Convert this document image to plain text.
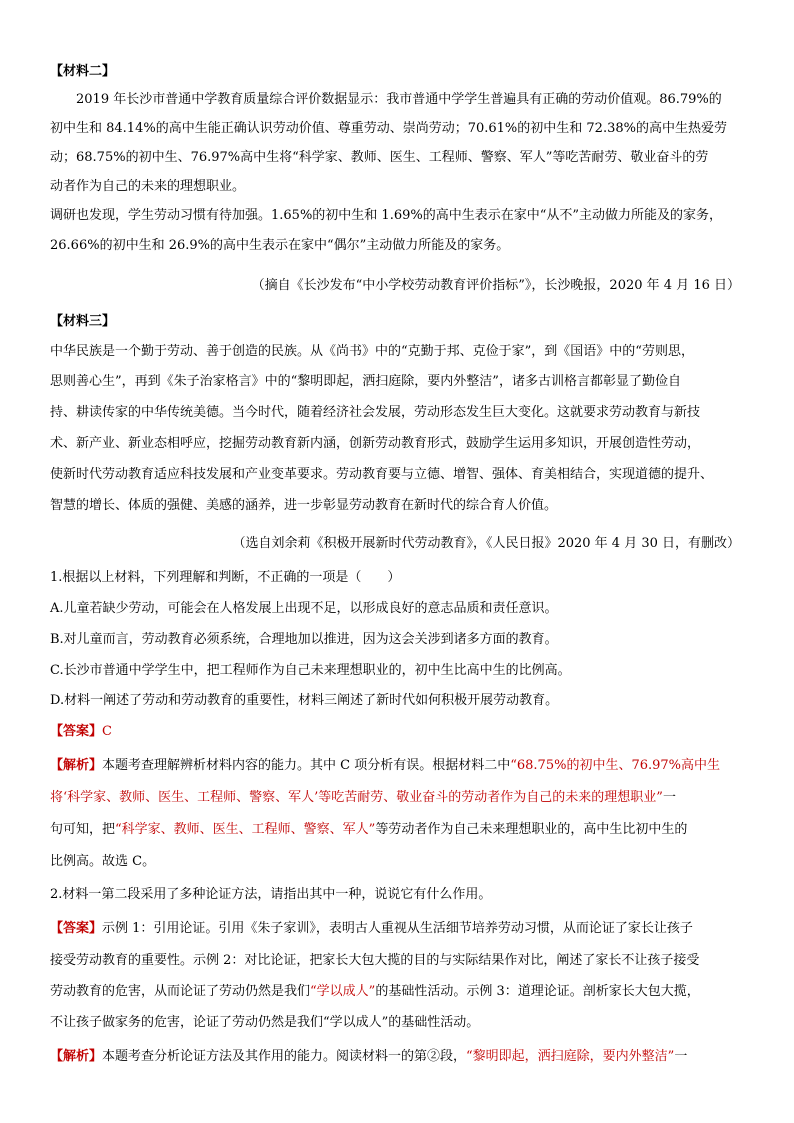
【材料二】
2019 年长沙市普通中学教育质量综合评价数据显示：我市普通中学学生普遍具有正确的劳动价值观。86.79%的
初中生和 84.14%的高中生能正确认识劳动价值、尊重劳动、崇尚劳动；70.61%的初中生和 72.38%的高中生热爱劳
动；68.75%的初中生、76.97%高中生将“科学家、教师、医生、工程师、警察、军人”等吃苦耐劳、敬业奋斗的劳
动者作为自己的未来的理想职业。
调研也发现，学生劳动习惯有待加强。1.65%的初中生和 1.69%的高中生表示在家中“从不”主动做力所能及的家务，
26.66%的初中生和 26.9%的高中生表示在家中“偶尔”主动做力所能及的家务。
（摘自《长沙发布“中小学校劳动教育评价指标”》，长沙晚报，2020 年 4 月 16 日）
【材料三】
中华民族是一个勤于劳动、善于创造的民族。从《尚书》中的“克勤于邦、克俭于家”，到《国语》中的“劳则思，
思则善心生”，再到《朱子治家格言》中的“黎明即起，洒扫庭除，要内外整洁”，诸多古训格言都彰显了勤俭自
持、耕读传家的中华传统美德。当今时代，随着经济社会发展，劳动形态发生巨大变化。这就要求劳动教育与新技
术、新产业、新业态相呼应，挖掘劳动教育新内涵，创新劳动教育形式，鼓励学生运用多知识，开展创造性劳动，
使新时代劳动教育适应科技发展和产业变革要求。劳动教育要与立德、增智、强体、育美相结合，实现道德的提升、
智慧的增长、体质的强健、美感的涵养，进一步彰显劳动教育在新时代的综合育人价值。
（选自刘余莉《积极开展新时代劳动教育》，《人民日报》2020 年 4 月 30 日，有删改）
1.根据以上材料，下列理解和判断，不正确的一项是（　　）
A.儿童若缺少劳动，可能会在人格发展上出现不足，以形成良好的意志品质和责任意识。
B.对儿童而言，劳动教育必须系统，合理地加以推进，因为这会关涉到诸多方面的教育。
C.长沙市普通中学学生中，把工程师作为自己未来理想职业的，初中生比高中生的比例高。
D.材料一阐述了劳动和劳动教育的重要性，材料三阐述了新时代如何积极开展劳动教育。
【答案】C
【解析】本题考查理解辨析材料内容的能力。其中 C 项分析有误。根据材料二中“68.75%的初中生、76.97%高中生
将‘科学家、教师、医生、工程师、警察、军人’等吃苦耐劳、敬业奋斗的劳动者作为自己的未来的理想职业”一
句可知，把“科学家、教师、医生、工程师、警察、军人”等劳动者作为自己未来理想职业的，高中生比初中生的
比例高。故选 C。
2.材料一第二段采用了多种论证方法，请指出其中一种，说说它有什么作用。
【答案】示例 1：引用论证。引用《朱子家训》，表明古人重视从生活细节培养劳动习惯，从而论证了家长让孩子
接受劳动教育的重要性。示例 2：对比论证，把家长大包大揽的目的与实际结果作对比，阐述了家长不让孩子接受
劳动教育的危害，从而论证了劳动仍然是我们“学以成人”的基础性活动。示例 3：道理论证。剖析家长大包大揽，
不让孩子做家务的危害，论证了劳动仍然是我们“学以成人”的基础性活动。
【解析】本题考查分析论证方法及其作用的能力。阅读材料一的第②段，“黎明即起，洒扫庭除，要内外整洁”一
